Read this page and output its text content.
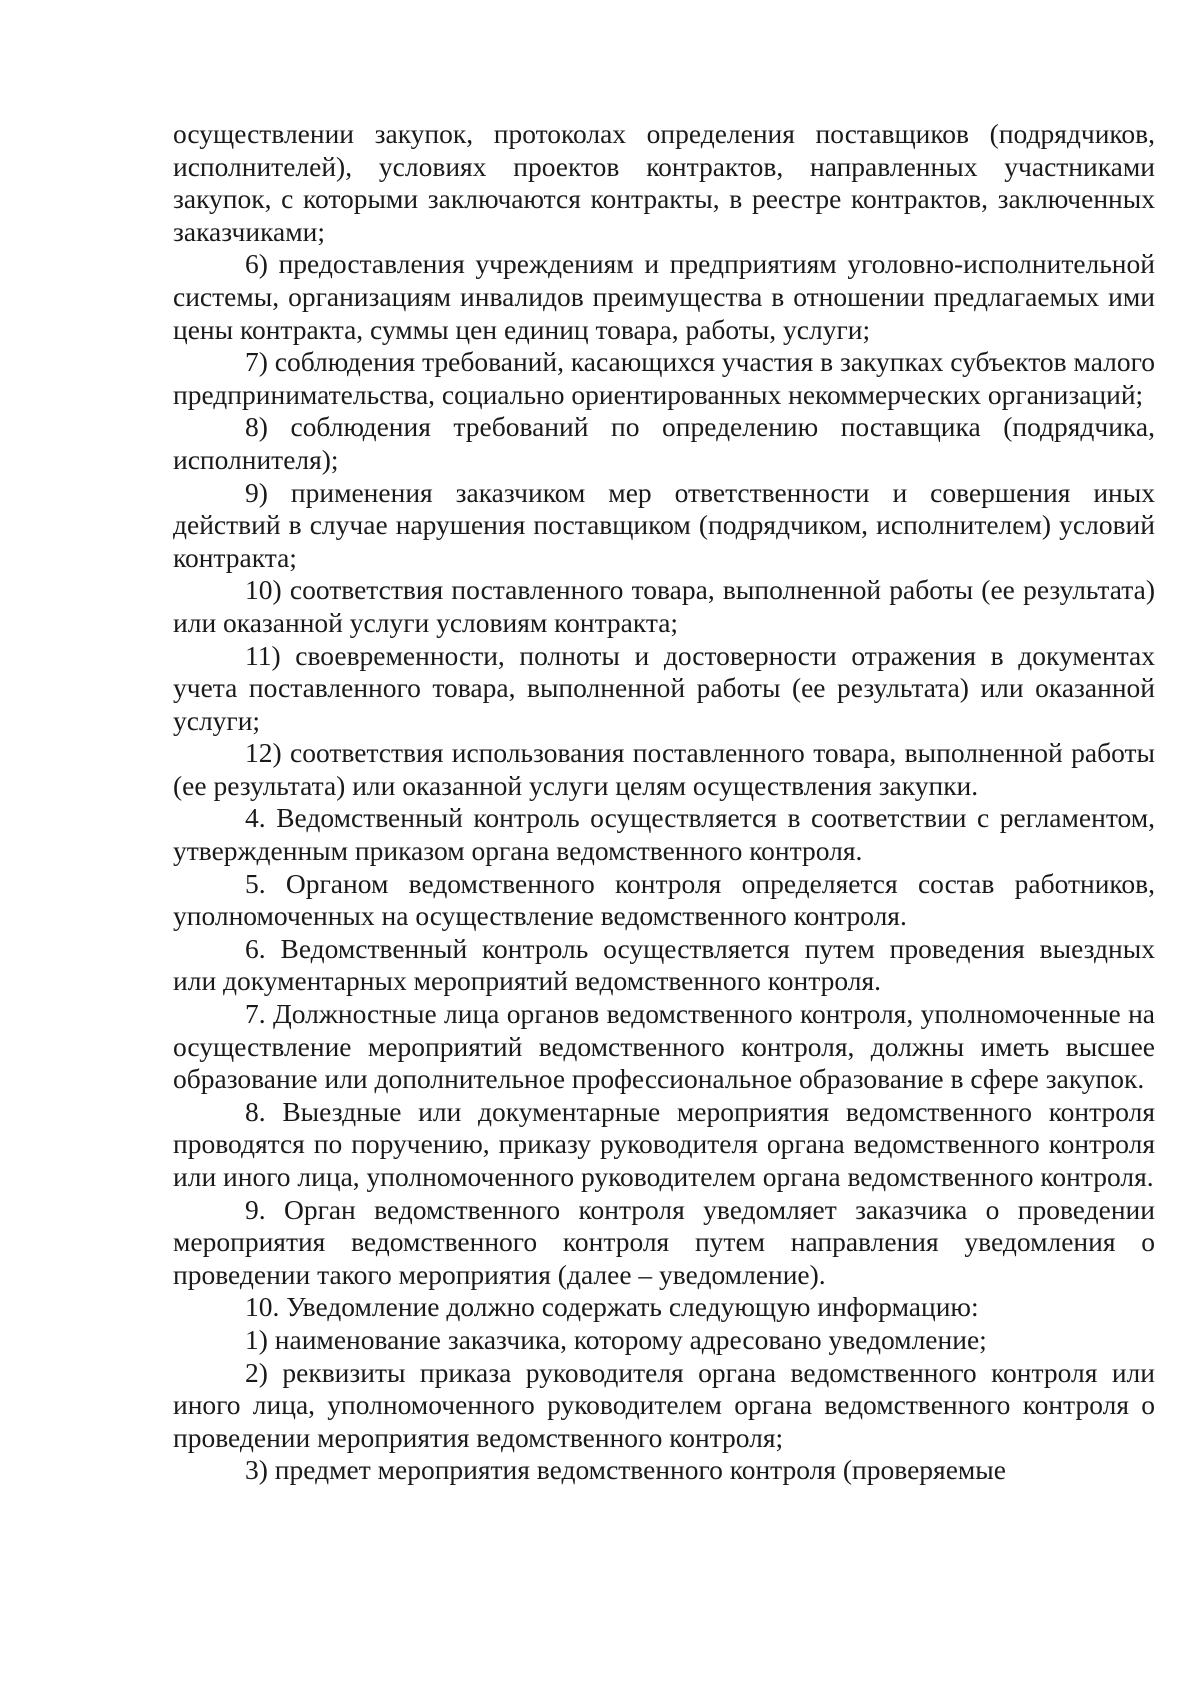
осуществлении закупок, протоколах определения поставщиков (подрядчиков, исполнителей), условиях проектов контрактов, направленных участниками закупок, с которыми заключаются контракты, в реестре контрактов, заключенных заказчиками;

6) предоставления учреждениям и предприятиям уголовно-исполнительной системы, организациям инвалидов преимущества в отношении предлагаемых ими цены контракта, суммы цен единиц товара, работы, услуги;

7) соблюдения требований, касающихся участия в закупках субъектов малого предпринимательства, социально ориентированных некоммерческих организаций;

8) соблюдения требований по определению поставщика (подрядчика, исполнителя);

9) применения заказчиком мер ответственности и совершения иных действий в случае нарушения поставщиком (подрядчиком, исполнителем) условий контракта;

10) соответствия поставленного товара, выполненной работы (ее результата) или оказанной услуги условиям контракта;

11) своевременности, полноты и достоверности отражения в документах учета поставленного товара, выполненной работы (ее результата) или оказанной услуги;

12) соответствия использования поставленного товара, выполненной работы (ее результата) или оказанной услуги целям осуществления закупки.

4. Ведомственный контроль осуществляется в соответствии с регламентом, утвержденным приказом органа ведомственного контроля.

5. Органом ведомственного контроля определяется состав работников, уполномоченных на осуществление ведомственного контроля.

6. Ведомственный контроль осуществляется путем проведения выездных или документарных мероприятий ведомственного контроля.

7. Должностные лица органов ведомственного контроля, уполномоченные на осуществление мероприятий ведомственного контроля, должны иметь высшее образование или дополнительное профессиональное образование в сфере закупок.

8. Выездные или документарные мероприятия ведомственного контроля проводятся по поручению, приказу руководителя органа ведомственного контроля или иного лица, уполномоченного руководителем органа ведомственного контроля.

9. Орган ведомственного контроля уведомляет заказчика о проведении мероприятия ведомственного контроля путем направления уведомления о проведении такого мероприятия (далее – уведомление).

10. Уведомление должно содержать следующую информацию:

1) наименование заказчика, которому адресовано уведомление;

2) реквизиты приказа руководителя органа ведомственного контроля или иного лица, уполномоченного руководителем органа ведомственного контроля о проведении мероприятия ведомственного контроля;

3) предмет мероприятия ведомственного контроля (проверяемые
